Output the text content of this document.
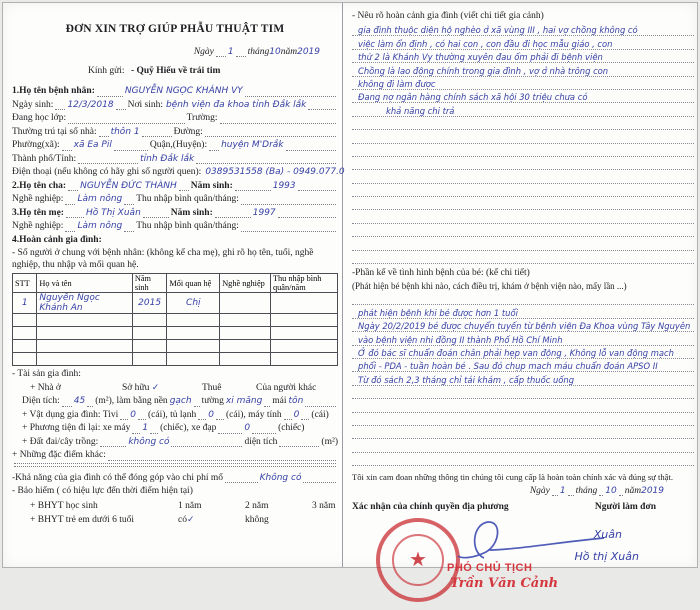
ĐƠN XIN TRỢ GIÚP PHẪU THUẬT TIM
Ngày 1 tháng 10 năm 2019
Kính gửi: - Quỹ Hiểu về trái tim
1.Họ tên bệnh nhân:	NGUYỄN NGỌC KHÁNH VY
Ngày sinh: 12/3/2018 Nơi sinh: bệnh viện đa khoa tỉnh Đắk lắk
Đang học lớp:	Trường:
Thường trú tại số nhà: thôn 1	Đường:
Phường(xã): xã Ea Pil	Quận,(Huyện): huyện M'Drắk
Thành phố/Tỉnh:	tỉnh Đắk lắk
Điện thoại (nếu không có hãy ghi số người quen): 0389531558 (Ba) - 0949.077.0
2.Họ tên cha: NGUYỄN ĐỨC THÀNH Năm sinh:	1993
Nghề nghiệp: Làm nông Thu nhập bình quân/tháng:
3.Họ tên mẹ: Hồ Thị Xuân	Năm sinh:	1997
Nghề nghiệp: Làm nông Thu nhập bình quân/tháng:
4.Hoàn cảnh gia đình:
- Số người ở chung với bệnh nhân: (không kể cha mẹ), ghi rõ họ tên, tuổi, nghề nghiệp, thu nhập và mối quan hệ.
STT	Họ và tên	Năm sinh	Mối quan hệ	Nghề nghiệp	Thu nhập bình quân/năm
1	Nguyễn Ngọc Khánh An	2015	Chị		

- Tài sản gia đình:
+ Nhà ở	Sở hữu ✓	Thuê	Của người khác
Diện tích: 45 (m²), làm bằng nền gạch tường xi măng mái tôn
+ Vật dụng gia đình: Tivi 0 (cái), tủ lạnh 0 (cái), máy tính 0 (cái)
+ Phương tiện đi lại: xe máy 1 (chiếc), xe đạp	0	(chiếc)
+ Đất đai/cây trồng:	không có	diện tích	(m²)
+ Những đặc điểm khác:
-Khả năng của gia đình có thể đóng góp vào chi phí mổ	Không có
- Bảo hiểm ( có hiệu lực đến thời điểm hiện tại)
+ BHYT học sinh	1 năm	2 năm	3 năm
+ BHYT trẻ em dưới 6 tuổi	có✓	không
- Nêu rõ hoàn cảnh gia đình (viết chi tiết gia cảnh)
gia đình thuộc diện hộ nghèo ở xã vùng III , hai vợ chồng không có
việc làm ổn định , có hai con , con đầu đi học mẫu giáo , con
thứ 2 là Khánh Vy thường xuyên đau ốm phải đi bệnh viện
Chồng là lao động chính trong gia đình , vợ ở nhà trông con
không đi làm được
Đang nợ ngân hàng chính sách xã hội 30 triệu chưa có
khả năng chi trả
-Phần kể về tình hình bệnh của bé: (kể chi tiết)
(Phát hiện bé bệnh khi nào, cách điều trị, khám ở bệnh viện nào, mấy lần ...)
phát hiện bệnh khi bé được hơn 1 tuổi
Ngày 20/2/2019 bé được chuyển tuyến từ bệnh viện Đa Khoa vùng Tây Nguyên
vào bệnh viện nhi đồng II thành Phố Hồ Chí Minh
Ở đó bác sĩ chuẩn đoán chân phải hẹp van động , Không lỗ van động mạch
phổi - PDA - tuần hoàn bé . Sau đó chụp mạch máu chuẩn đoán APSO II
Từ đó sách 2,3 tháng chỉ tái khám , cấp thuốc uống
Tôi xin cam đoan những thông tin chúng tôi cung cấp là hoàn toàn chính xác và đúng sự thật.
Ngày 1 tháng 10 năm 2019
Xác nhận của chính quyền địa phương	Người làm đơn
★ PHÓ CHỦ TỊCH
Trần Văn Cảnh
Xuân
Hồ thị Xuân
